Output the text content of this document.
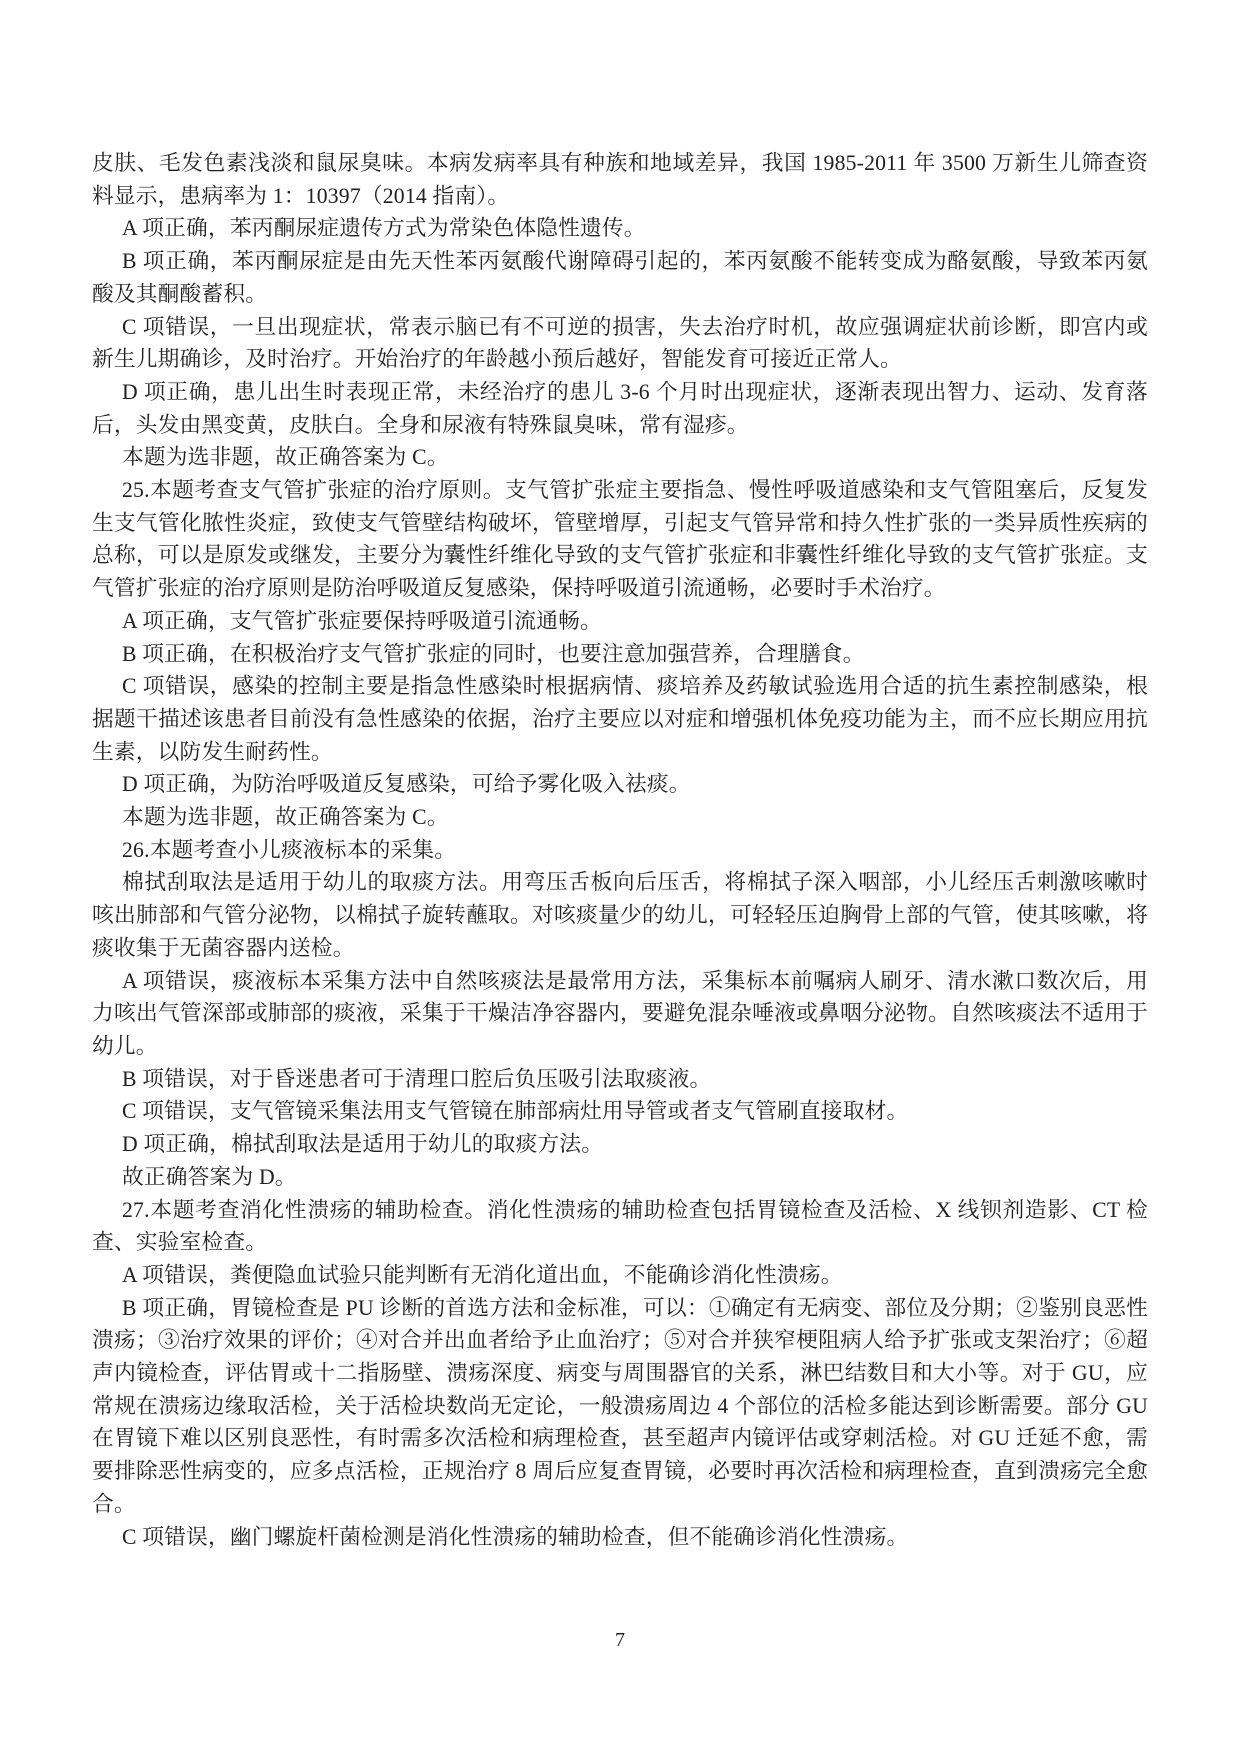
皮肤、毛发色素浅淡和鼠尿臭味。本病发病率具有种族和地域差异，我国 1985-2011 年 3500 万新生儿筛查资料显示，患病率为 1：10397（2014 指南）。

A 项正确，苯丙酮尿症遗传方式为常染色体隐性遗传。

B 项正确，苯丙酮尿症是由先天性苯丙氨酸代谢障碍引起的，苯丙氨酸不能转变成为酪氨酸，导致苯丙氨酸及其酮酸蓄积。

C 项错误，一旦出现症状，常表示脑已有不可逆的损害，失去治疗时机，故应强调症状前诊断，即宫内或新生儿期确诊，及时治疗。开始治疗的年龄越小预后越好，智能发育可接近正常人。

D 项正确，患儿出生时表现正常，未经治疗的患儿 3-6 个月时出现症状，逐渐表现出智力、运动、发育落后，头发由黑变黄，皮肤白。全身和尿液有特殊鼠臭味，常有湿疹。

本题为选非题，故正确答案为 C。

25.本题考查支气管扩张症的治疗原则。支气管扩张症主要指急、慢性呼吸道感染和支气管阻塞后，反复发生支气管化脓性炎症，致使支气管壁结构破坏，管壁增厚，引起支气管异常和持久性扩张的一类异质性疾病的总称，可以是原发或继发，主要分为囊性纤维化导致的支气管扩张症和非囊性纤维化导致的支气管扩张症。支气管扩张症的治疗原则是防治呼吸道反复感染，保持呼吸道引流通畅，必要时手术治疗。

A 项正确，支气管扩张症要保持呼吸道引流通畅。

B 项正确，在积极治疗支气管扩张症的同时，也要注意加强营养，合理膳食。

C 项错误，感染的控制主要是指急性感染时根据病情、痰培养及药敏试验选用合适的抗生素控制感染，根据题干描述该患者目前没有急性感染的依据，治疗主要应以对症和增强机体免疫功能为主，而不应长期应用抗生素，以防发生耐药性。

D 项正确，为防治呼吸道反复感染，可给予雾化吸入祛痰。

本题为选非题，故正确答案为 C。

26.本题考查小儿痰液标本的采集。

棉拭刮取法是适用于幼儿的取痰方法。用弯压舌板向后压舌，将棉拭子深入咽部，小儿经压舌刺激咳嗽时咳出肺部和气管分泌物，以棉拭子旋转蘸取。对咳痰量少的幼儿，可轻轻压迫胸骨上部的气管，使其咳嗽，将痰收集于无菌容器内送检。

A 项错误，痰液标本采集方法中自然咳痰法是最常用方法，采集标本前嘱病人刷牙、清水漱口数次后，用力咳出气管深部或肺部的痰液，采集于干燥洁净容器内，要避免混杂唾液或鼻咽分泌物。自然咳痰法不适用于幼儿。

B 项错误，对于昏迷患者可于清理口腔后负压吸引法取痰液。

C 项错误，支气管镜采集法用支气管镜在肺部病灶用导管或者支气管刷直接取材。

D 项正确，棉拭刮取法是适用于幼儿的取痰方法。

故正确答案为 D。

27.本题考查消化性溃疡的辅助检查。消化性溃疡的辅助检查包括胃镜检查及活检、X 线钡剂造影、CT 检查、实验室检查。

A 项错误，粪便隐血试验只能判断有无消化道出血，不能确诊消化性溃疡。

B 项正确，胃镜检查是 PU 诊断的首选方法和金标准，可以：①确定有无病变、部位及分期；②鉴别良恶性溃疡；③治疗效果的评价；④对合并出血者给予止血治疗；⑤对合并狭窄梗阻病人给予扩张或支架治疗；⑥超声内镜检查，评估胃或十二指肠壁、溃疡深度、病变与周围器官的关系，淋巴结数目和大小等。对于 GU，应常规在溃疡边缘取活检，关于活检块数尚无定论，一般溃疡周边 4 个部位的活检多能达到诊断需要。部分 GU 在胃镜下难以区别良恶性，有时需多次活检和病理检查，甚至超声内镜评估或穿刺活检。对 GU 迁延不愈，需要排除恶性病变的，应多点活检，正规治疗 8 周后应复查胃镜，必要时再次活检和病理检查，直到溃疡完全愈合。

C 项错误，幽门螺旋杆菌检测是消化性溃疡的辅助检查，但不能确诊消化性溃疡。

7
